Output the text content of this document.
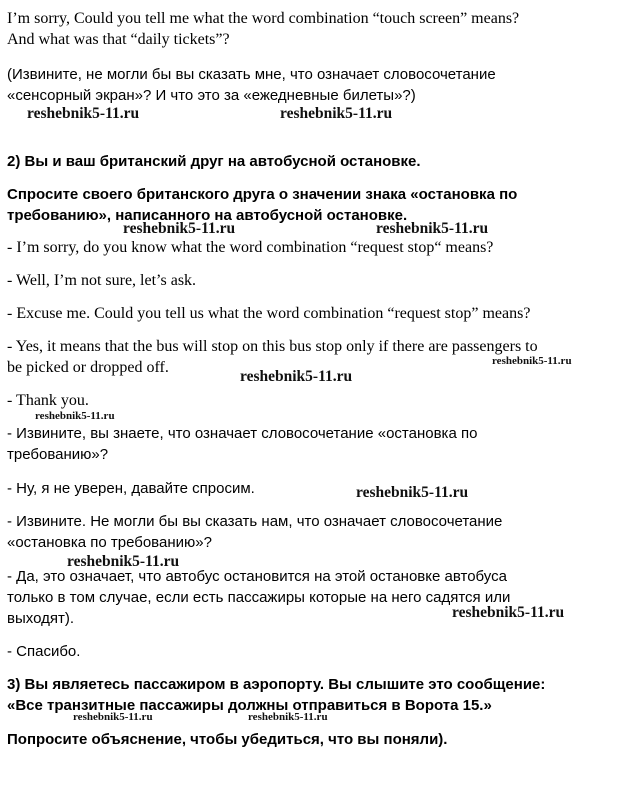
I’m sorry, Could you tell me what the word combination “touch screen” means?

And what was that “daily tickets”?

(Извините, не могли бы вы сказать мне, что означает словосочетание

«сенсорный экран»? И что это за «ежедневные билеты»?)

2) Вы и ваш британский друг на автобусной остановке.

Спросите своего британского друга о значении знака «остановка по

требованию», написанного на автобусной остановке.

- I’m sorry, do you know what the word combination “request stop“ means?

- Well, I’m not sure, let’s ask.

- Excuse me. Could you tell us what the word combination “request stop” means?

- Yes, it means that the bus will stop on this bus stop only if there are passengers to

be picked or dropped off.

- Thank you.

- Извините, вы знаете, что означает словосочетание «остановка по

требованию»?

- Ну, я не уверен, давайте спросим.

- Извините. Не могли бы вы сказать нам, что означает словосочетание

«остановка по требованию»?

- Да, это означает, что автобус остановится на этой остановке автобуса

только в том случае, если есть пассажиры которые на него садятся или

выходят).

- Спасибо.

3) Вы являетесь пассажиром в аэропорту. Вы слышите это сообщение:

«Все транзитные пассажиры должны отправиться в Ворота 15.»

Попросите объяснение, чтобы убедиться, что вы поняли).

reshebnik5-11.ru	reshebnik5-11.ru
reshebnik5-11.ru	reshebnik5-11.ru
reshebnik5-11.ru
reshebnik5-11.ru
reshebnik5-11.ru
reshebnik5-11.ru
reshebnik5-11.ru
reshebnik5-11.ru
reshebnik5-11.ru	reshebnik5-11.ru
